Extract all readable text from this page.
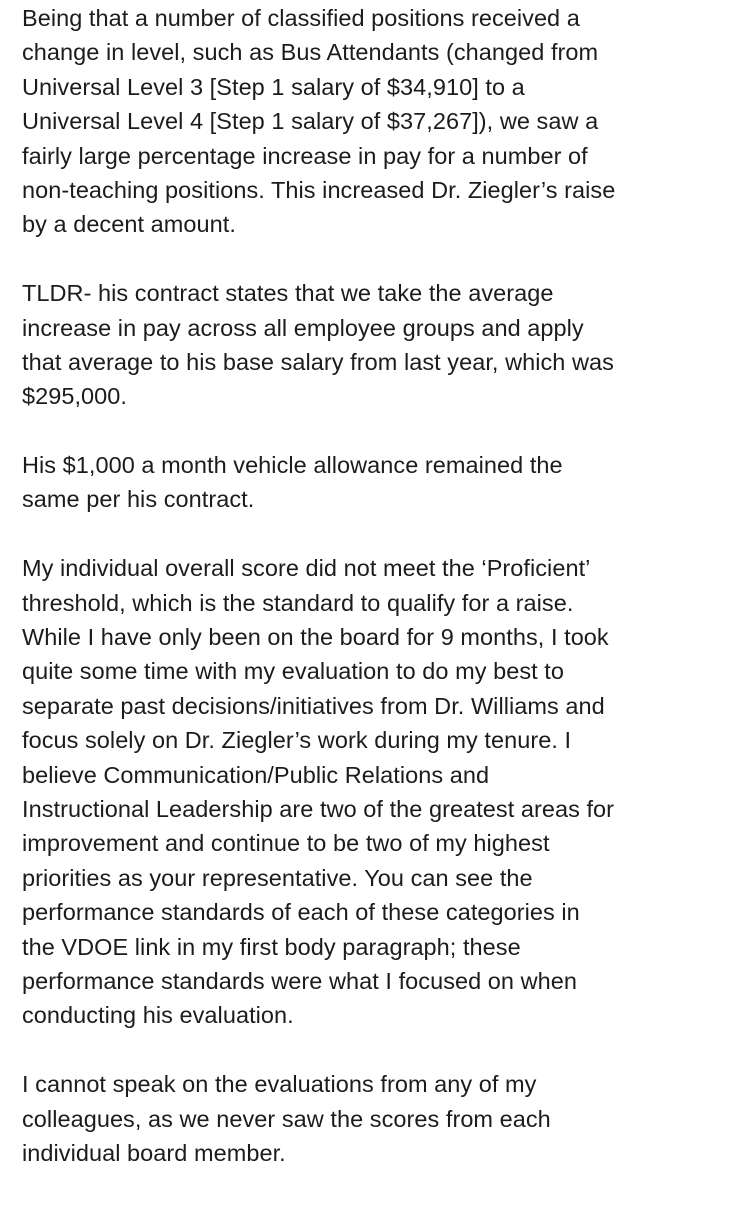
Being that a number of classified positions received a
change in level, such as Bus Attendants (changed from
Universal Level 3 [Step 1 salary of $34,910] to a
Universal Level 4 [Step 1 salary of $37,267]), we saw a
fairly large percentage increase in pay for a number of
non-teaching positions. This increased Dr. Ziegler’s raise
by a decent amount.
TLDR- his contract states that we take the average
increase in pay across all employee groups and apply
that average to his base salary from last year, which was
$295,000.
His $1,000 a month vehicle allowance remained the
same per his contract.
My individual overall score did not meet the ‘Proficient’
threshold, which is the standard to qualify for a raise.
While I have only been on the board for 9 months, I took
quite some time with my evaluation to do my best to
separate past decisions/initiatives from Dr. Williams and
focus solely on Dr. Ziegler’s work during my tenure. I
believe Communication/Public Relations and
Instructional Leadership are two of the greatest areas for
improvement and continue to be two of my highest
priorities as your representative. You can see the
performance standards of each of these categories in
the VDOE link in my first body paragraph; these
performance standards were what I focused on when
conducting his evaluation.
I cannot speak on the evaluations from any of my
colleagues, as we never saw the scores from each
individual board member.
